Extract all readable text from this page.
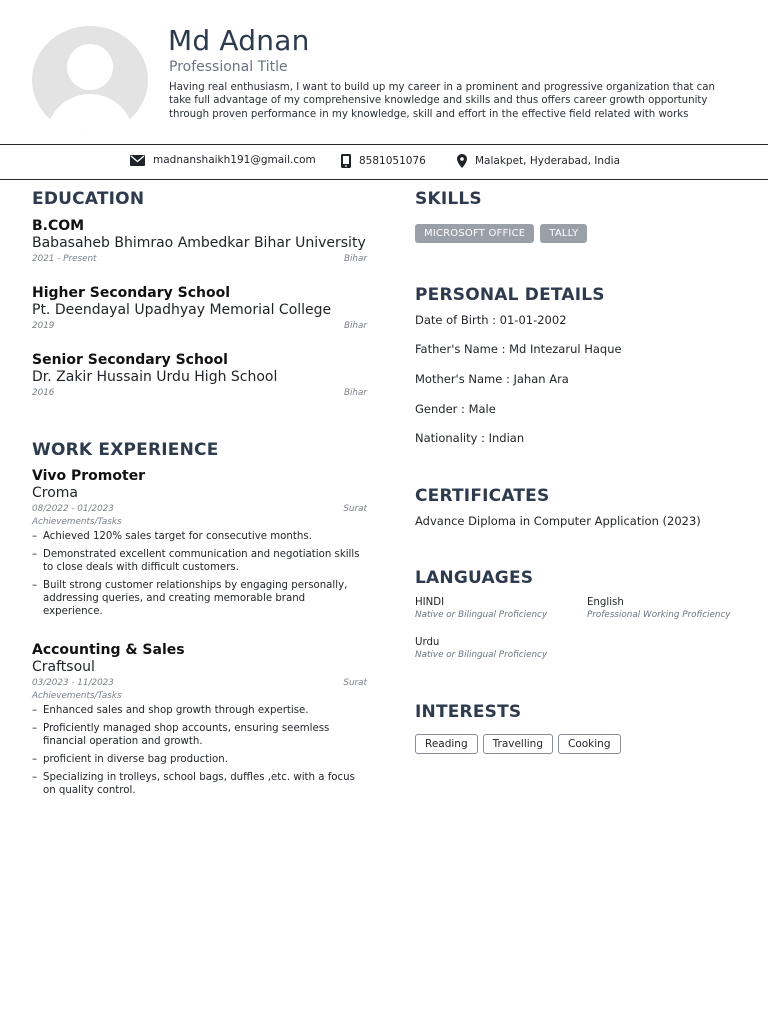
Md Adnan
Professional Title
Having real enthusiasm, I want to build up my career in a prominent and progressive organization that can take full advantage of my comprehensive knowledge and skills and thus offers career growth opportunity through proven performance in my knowledge, skill and effort in the effective field related with works
madnanshaikh191@gmail.com	8581051076	Malakpet, Hyderabad, India
EDUCATION
B.COM
Babasaheb Bhimrao Ambedkar Bihar University
2021 - Present	Bihar
Higher Secondary School
Pt. Deendayal Upadhyay Memorial College
2019	Bihar
Senior Secondary School
Dr. Zakir Hussain Urdu High School
2016	Bihar
WORK EXPERIENCE
Vivo Promoter
Croma
08/2022 - 01/2023	Surat
Achievements/Tasks
– Achieved 120% sales target for consecutive months.
– Demonstrated excellent communication and negotiation skills to close deals with difficult customers.
– Built strong customer relationships by engaging personally, addressing queries, and creating memorable brand experience.
Accounting & Sales
Craftsoul
03/2023 - 11/2023	Surat
Achievements/Tasks
– Enhanced sales and shop growth through expertise.
– Proficiently managed shop accounts, ensuring seemless financial operation and growth.
– proficient in diverse bag production.
– Specializing in trolleys, school bags, duffles ,etc. with a focus on quality control.
SKILLS
MICROSOFT OFFICE TALLY
PERSONAL DETAILS
Date of Birth : 01-01-2002
Father's Name : Md Intezarul Haque
Mother's Name : Jahan Ara
Gender : Male
Nationality : Indian
CERTIFICATES
Advance Diploma in Computer Application (2023)
LANGUAGES
HINDI
Native or Bilingual Proficiency
English
Professional Working Proficiency
Urdu
Native or Bilingual Proficiency
INTERESTS
Reading Travelling Cooking
